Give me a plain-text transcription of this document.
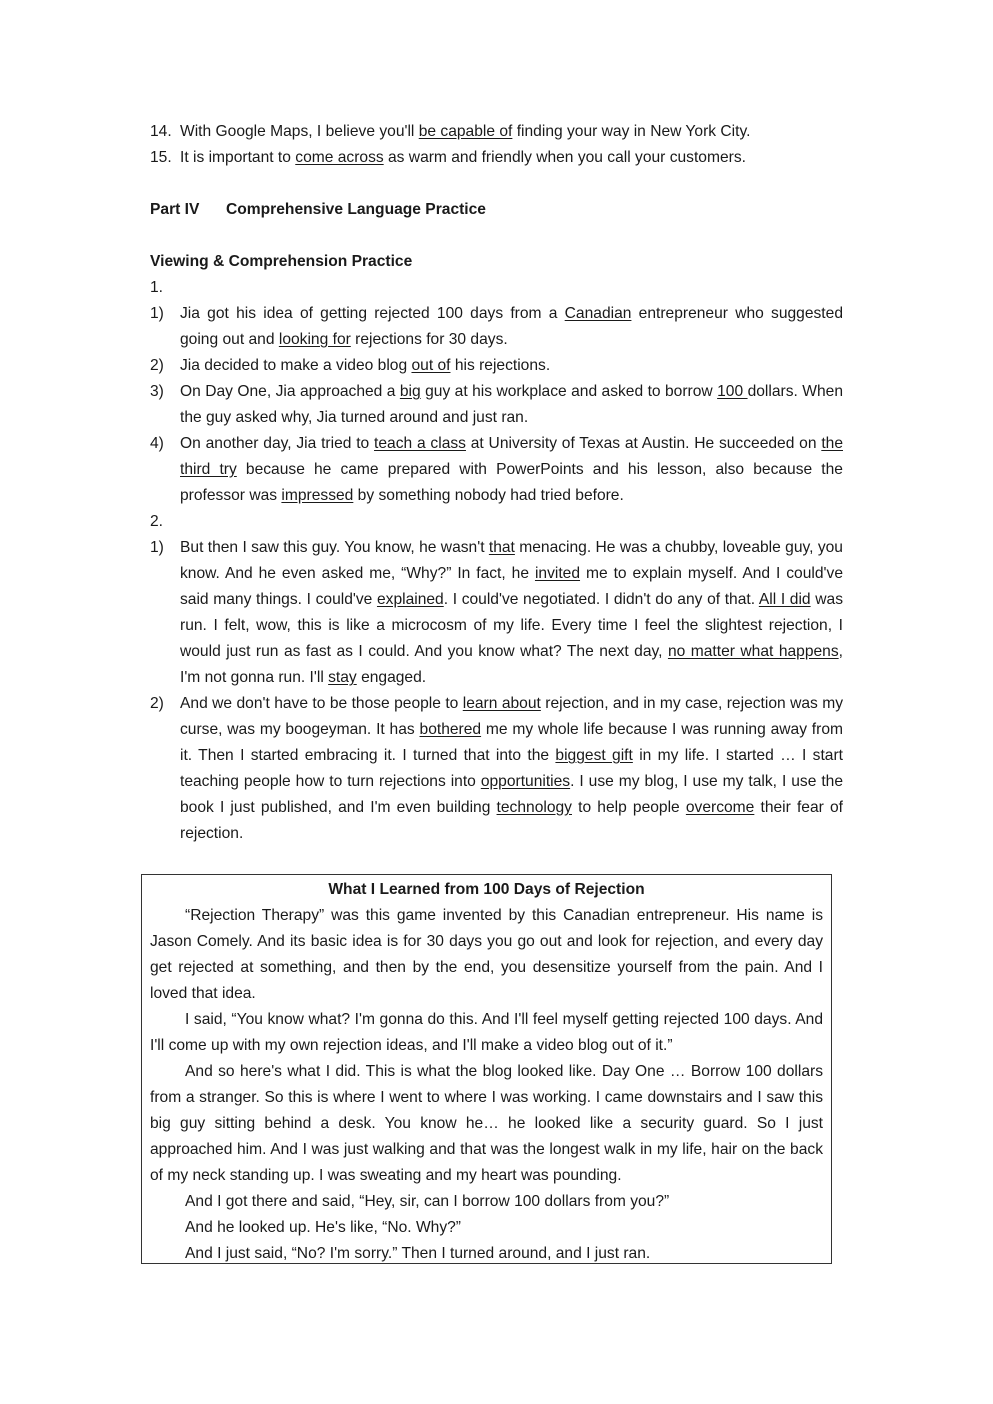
14. With Google Maps, I believe you'll be capable of finding your way in New York City.
15. It is important to come across as warm and friendly when you call your customers.
Part IV Comprehensive Language Practice
Viewing & Comprehension Practice
1.
1)	Jia got his idea of getting rejected 100 days from a Canadian entrepreneur who suggested going out and looking for rejections for 30 days.
2)	Jia decided to make a video blog out of his rejections.
3)	On Day One, Jia approached a big guy at his workplace and asked to borrow 100 dollars. When the guy asked why, Jia turned around and just ran.
4)	On another day, Jia tried to teach a class at University of Texas at Austin. He succeeded on the third try because he came prepared with PowerPoints and his lesson, also because the professor was impressed by something nobody had tried before.
2.
1)	But then I saw this guy. You know, he wasn't that menacing. He was a chubby, loveable guy, you know. And he even asked me, “Why?” In fact, he invited me to explain myself. And I could've said many things. I could've explained. I could've negotiated. I didn't do any of that. All I did was run. I felt, wow, this is like a microcosm of my life. Every time I feel the slightest rejection, I would just run as fast as I could. And you know what? The next day, no matter what happens, I'm not gonna run. I'll stay engaged.
2)	And we don't have to be those people to learn about rejection, and in my case, rejection was my curse, was my boogeyman. It has bothered me my whole life because I was running away from it. Then I started embracing it. I turned that into the biggest gift in my life. I started … I start teaching people how to turn rejections into opportunities. I use my blog, I use my talk, I use the book I just published, and I'm even building technology to help people overcome their fear of rejection.
What I Learned from 100 Days of Rejection

“Rejection Therapy” was this game invented by this Canadian entrepreneur. His name is Jason Comely. And its basic idea is for 30 days you go out and look for rejection, and every day get rejected at something, and then by the end, you desensitize yourself from the pain. And I loved that idea.

I said, “You know what? I'm gonna do this. And I'll feel myself getting rejected 100 days. And I'll come up with my own rejection ideas, and I'll make a video blog out of it.”

And so here's what I did. This is what the blog looked like. Day One … Borrow 100 dollars from a stranger. So this is where I went to where I was working. I came downstairs and I saw this big guy sitting behind a desk. You know he… he looked like a security guard. So I just approached him. And I was just walking and that was the longest walk in my life, hair on the back of my neck standing up. I was sweating and my heart was pounding.

And I got there and said, “Hey, sir, can I borrow 100 dollars from you?”

And he looked up. He's like, “No. Why?”

And I just said, “No? I'm sorry.” Then I turned around, and I just ran.
